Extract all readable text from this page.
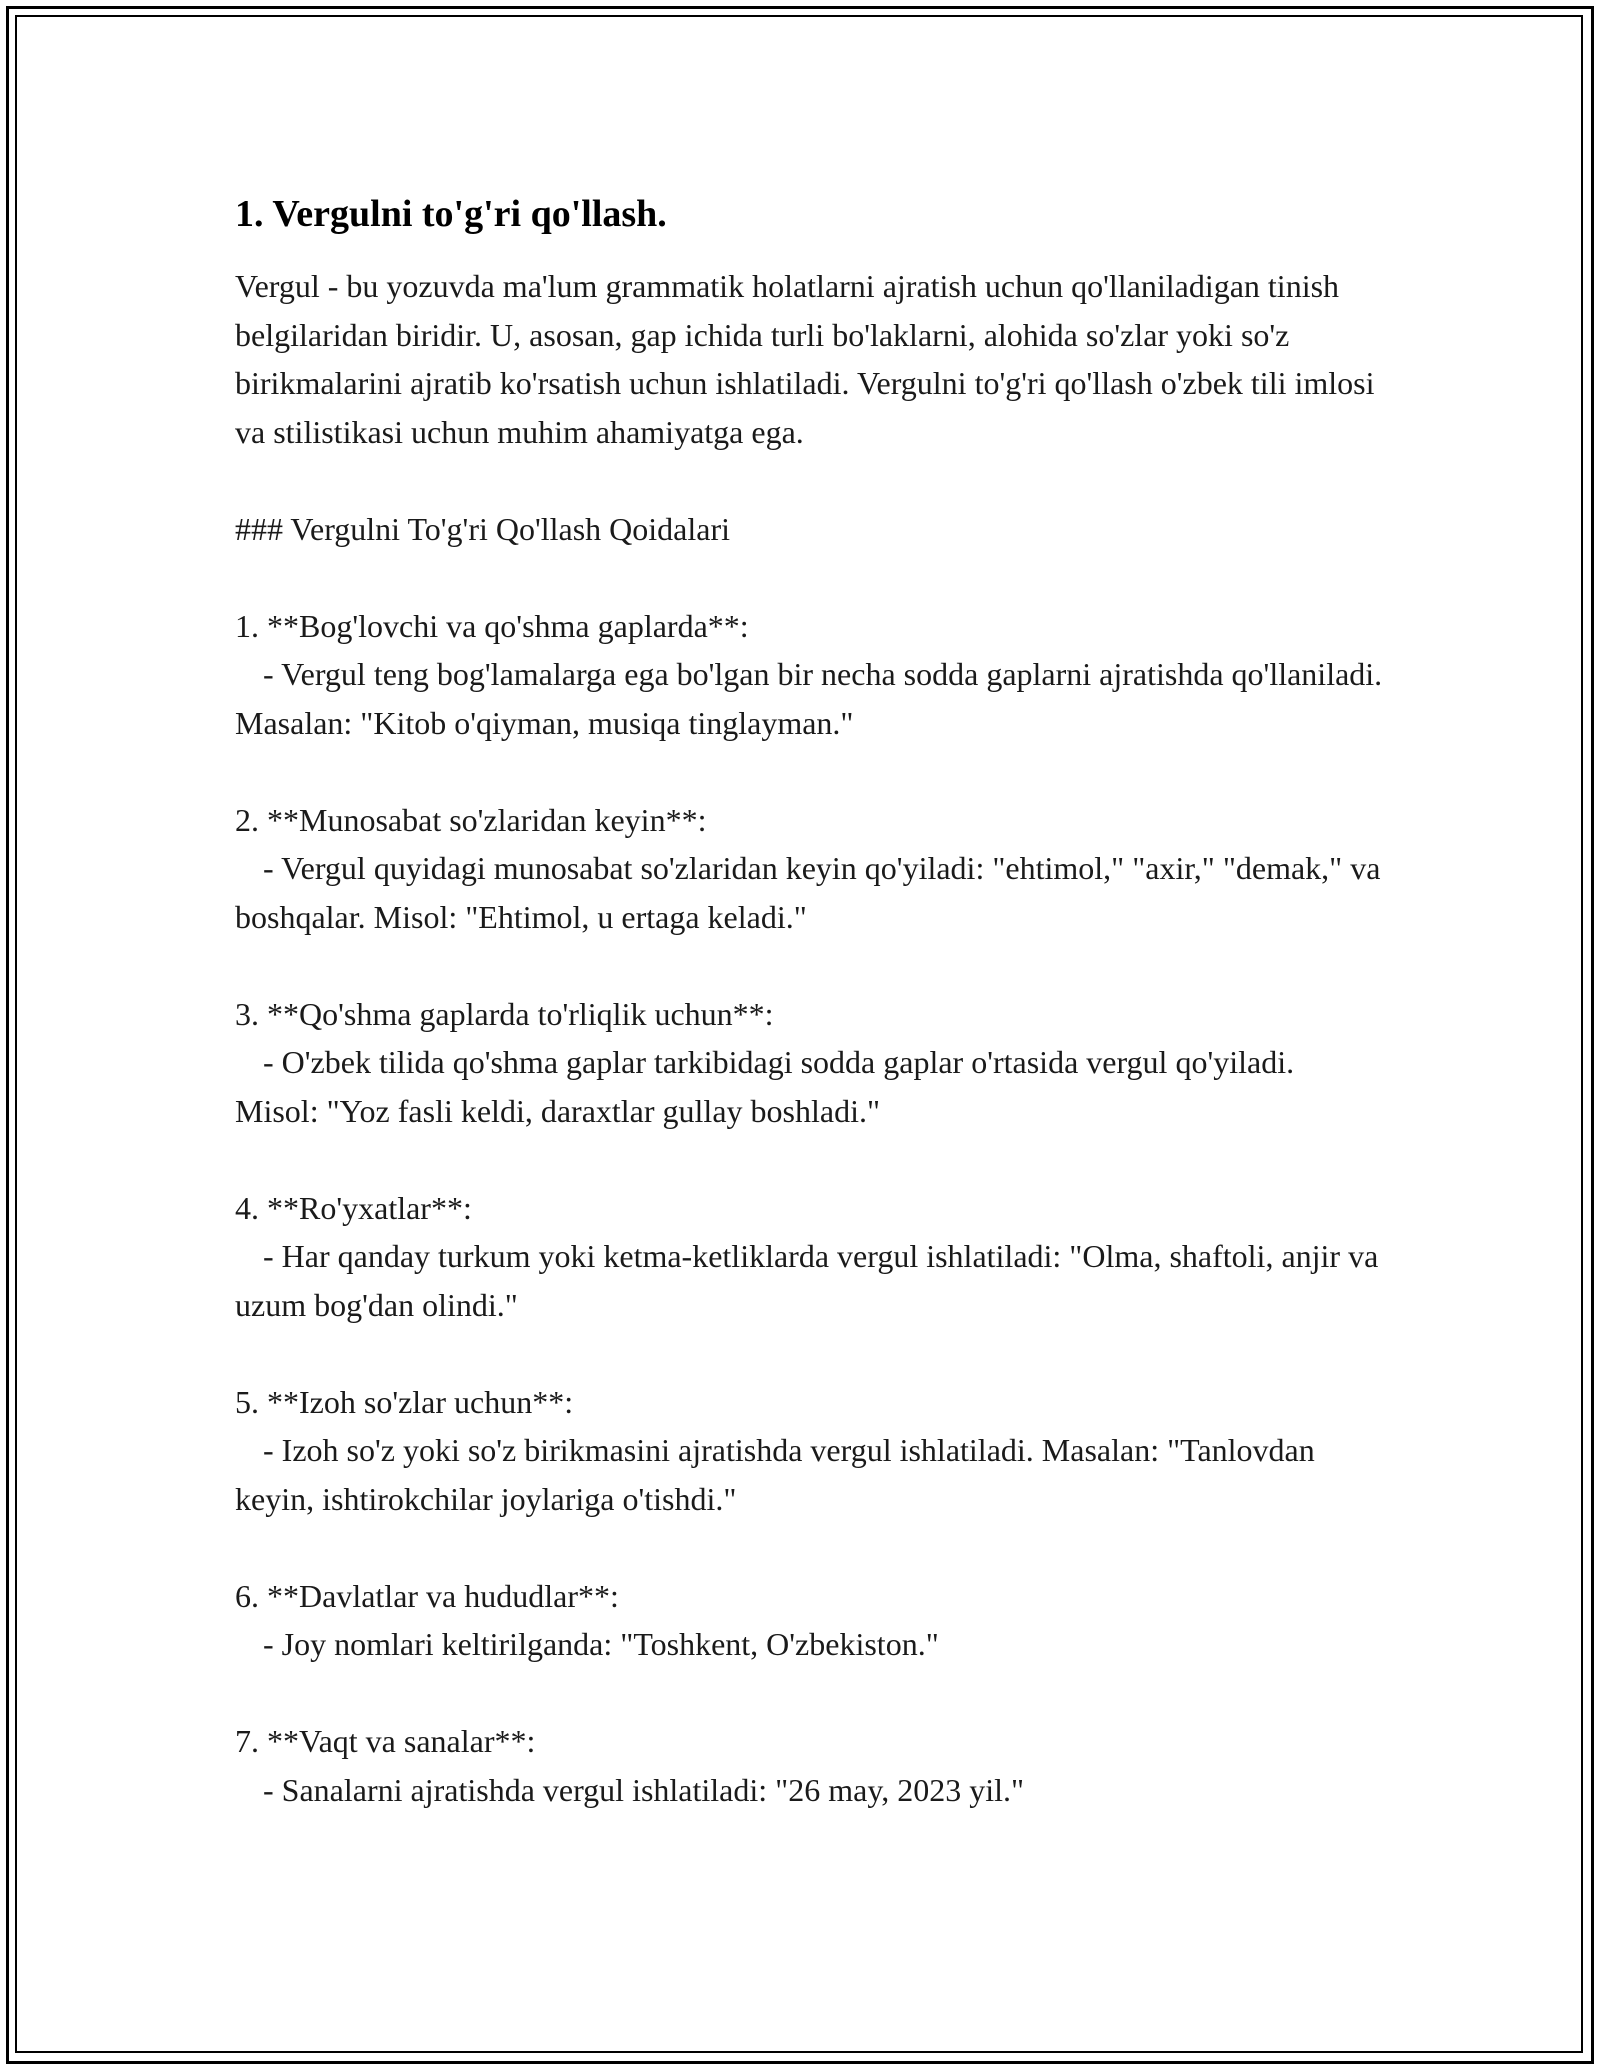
1. Vergulni to'g'ri qo'llash.

Vergul - bu yozuvda ma'lum grammatik holatlarni ajratish uchun qo'llaniladigan tinish belgilaridan biridir. U, asosan, gap ichida turli bo'laklarni, alohida so'zlar yoki so'z birikmalarini ajratib ko'rsatish uchun ishlatiladi. Vergulni to'g'ri qo'llash o'zbek tili imlosi va stilistikasi uchun muhim ahamiyatga ega.

### Vergulni To'g'ri Qo'llash Qoidalari

1. **Bog'lovchi va qo'shma gaplarda**:

- Vergul teng bog'lamalarga ega bo'lgan bir necha sodda gaplarni ajratishda qo'llaniladi. Masalan: "Kitob o'qiyman, musiqa tinglayman."

2. **Munosabat so'zlaridan keyin**:

- Vergul quyidagi munosabat so'zlaridan keyin qo'yiladi: "ehtimol," "axir," "demak," va boshqalar. Misol: "Ehtimol, u ertaga keladi."

3. **Qo'shma gaplarda to'rliqlik uchun**:

- O'zbek tilida qo'shma gaplar tarkibidagi sodda gaplar o'rtasida vergul qo'yiladi. Misol: "Yoz fasli keldi, daraxtlar gullay boshladi."

4. **Ro'yxatlar**:

- Har qanday turkum yoki ketma-ketliklarda vergul ishlatiladi: "Olma, shaftoli, anjir va uzum bog'dan olindi."

5. **Izoh so'zlar uchun**:

- Izoh so'z yoki so'z birikmasini ajratishda vergul ishlatiladi. Masalan: "Tanlovdan keyin, ishtirokchilar joylariga o'tishdi."

6. **Davlatlar va hududlar**:

- Joy nomlari keltirilganda: "Toshkent, O'zbekiston."

7. **Vaqt va sanalar**:

- Sanalarni ajratishda vergul ishlatiladi: "26 may, 2023 yil."
